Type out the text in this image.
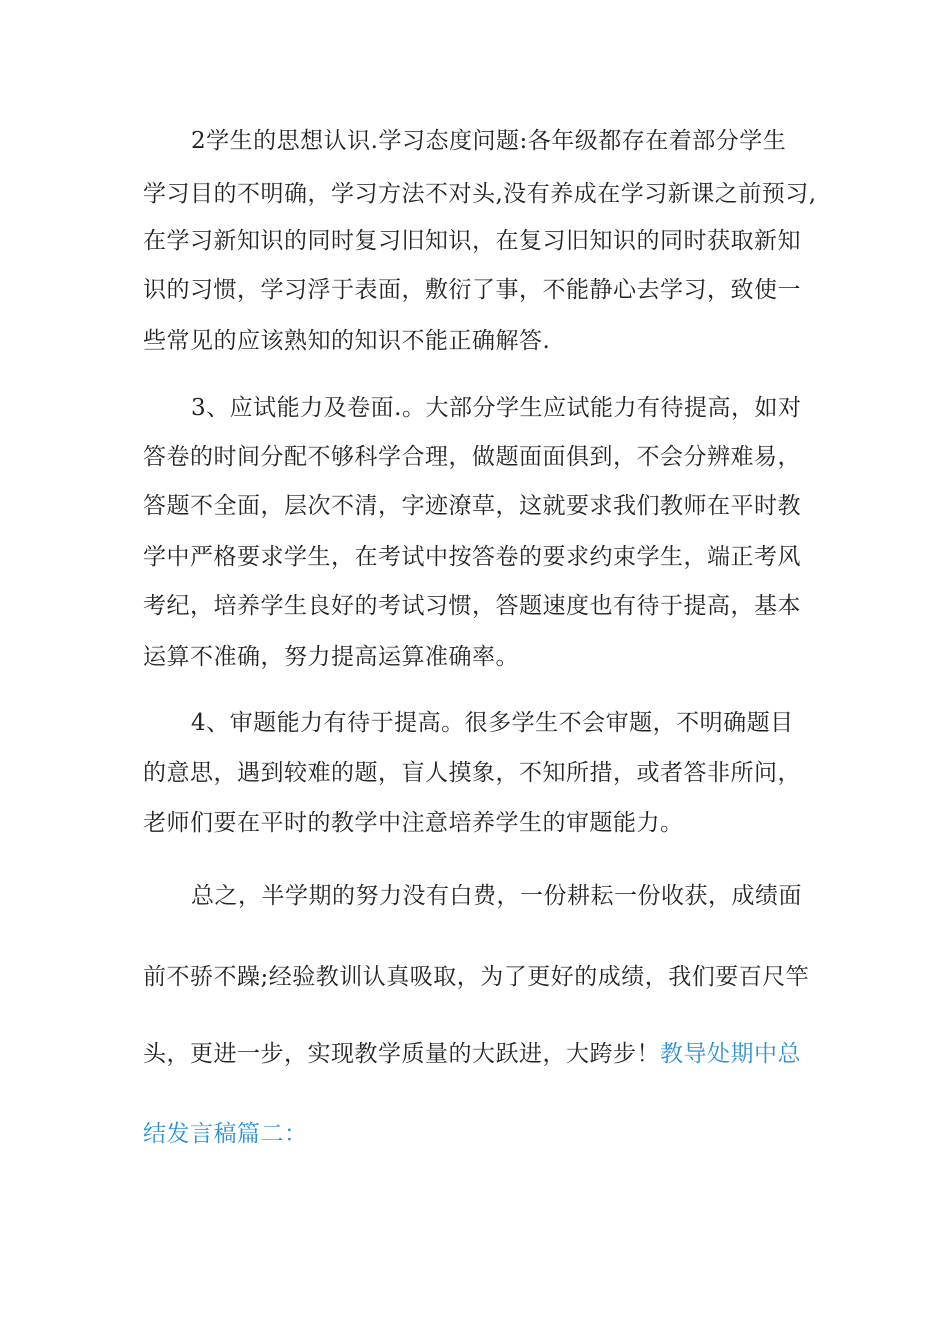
2学生的思想认识.学习态度问题:各年级都存在着部分学生
学习目的不明确，学习方法不对头,没有养成在学习新课之前预习,
在学习新知识的同时复习旧知识，在复习旧知识的同时获取新知
识的习惯，学习浮于表面，敷衍了事，不能静心去学习，致使一
些常见的应该熟知的知识不能正确解答.
3、应试能力及卷面.。大部分学生应试能力有待提高，如对
答卷的时间分配不够科学合理，做题面面俱到，不会分辨难易，
答题不全面，层次不清，字迹潦草，这就要求我们教师在平时教
学中严格要求学生，在考试中按答卷的要求约束学生，端正考风
考纪，培养学生良好的考试习惯，答题速度也有待于提高，基本
运算不准确，努力提高运算准确率。
4、审题能力有待于提高。很多学生不会审题，不明确题目
的意思，遇到较难的题，盲人摸象，不知所措，或者答非所问，
老师们要在平时的教学中注意培养学生的审题能力。
总之，半学期的努力没有白费，一份耕耘一份收获，成绩面
前不骄不躁;经验教训认真吸取，为了更好的成绩，我们要百尺竿
头，更进一步，实现教学质量的大跃进，大跨步！教导处期中总
结发言稿篇二：
